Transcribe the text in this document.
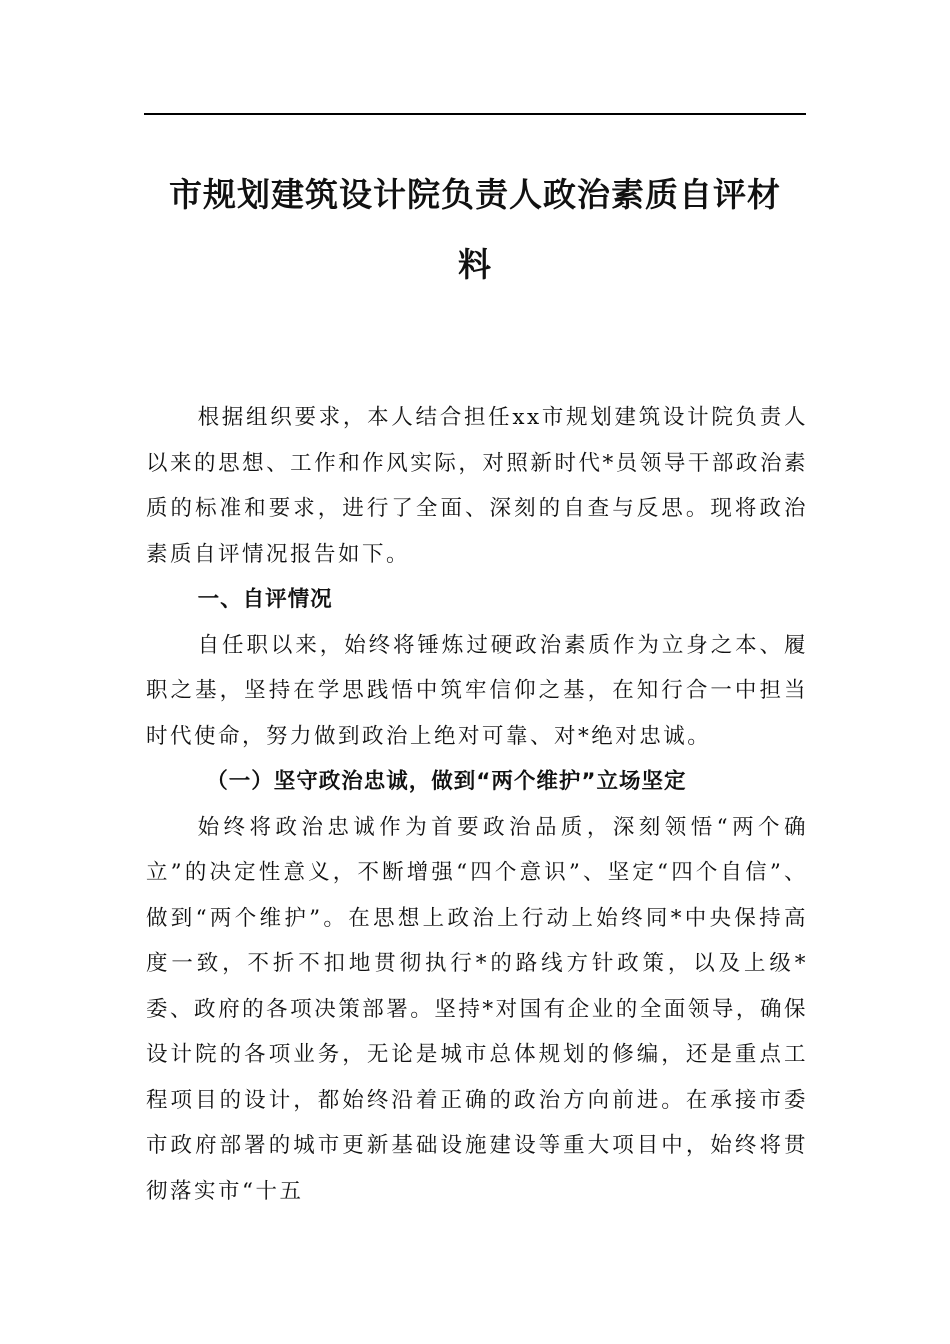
市规划建筑设计院负责人政治素质自评材
料

根据组织要求，本人结合担任xx市规划建筑设计院负责人以来的思想、工作和作风实际，对照新时代*员领导干部政治素质的标准和要求，进行了全面、深刻的自查与反思。现将政治素质自评情况报告如下。

一、自评情况

自任职以来，始终将锤炼过硬政治素质作为立身之本、履职之基，坚持在学思践悟中筑牢信仰之基，在知行合一中担当时代使命，努力做到政治上绝对可靠、对*绝对忠诚。

（一）坚守政治忠诚，做到“两个维护”立场坚定

始终将政治忠诚作为首要政治品质，深刻领悟“两个确立”的决定性意义，不断增强“四个意识”、坚定“四个自信”、做到“两个维护”。在思想上政治上行动上始终同*中央保持高度一致，不折不扣地贯彻执行*的路线方针政策，以及上级*委、政府的各项决策部署。坚持*对国有企业的全面领导，确保设计院的各项业务，无论是城市总体规划的修编，还是重点工程项目的设计，都始终沿着正确的政治方向前进。在承接市委市政府部署的城市更新基础设施建设等重大项目中，始终将贯彻落实市“十五
